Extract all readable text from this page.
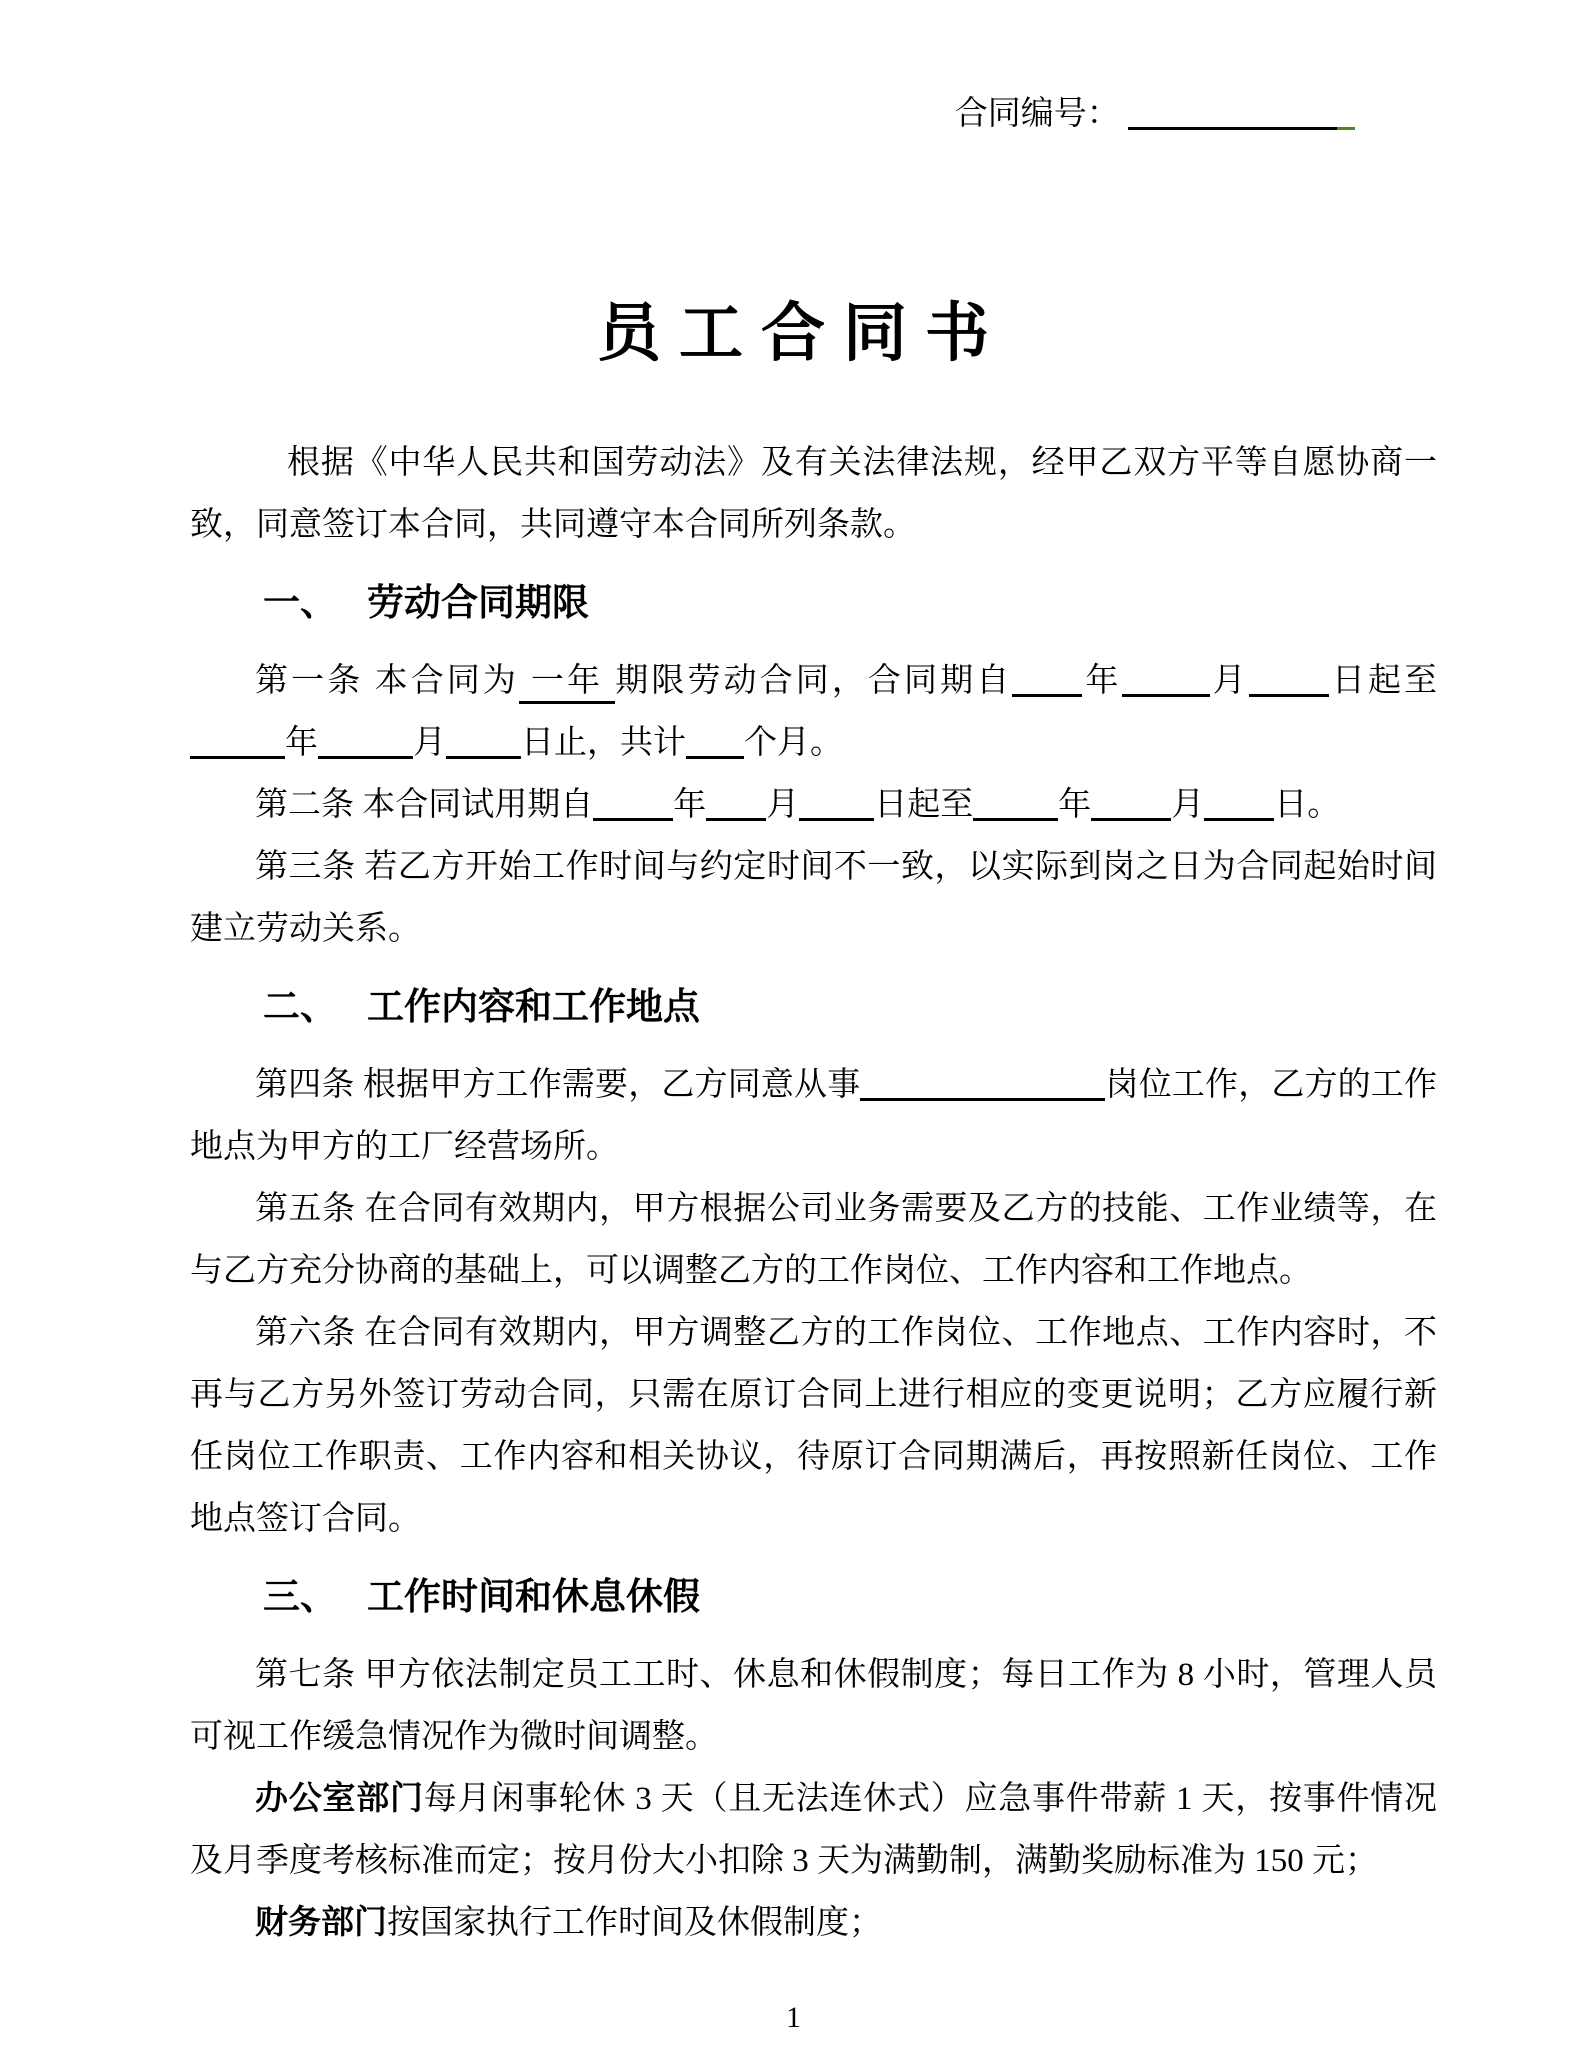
合同编号：
员 工 合 同 书

根据《中华人民共和国劳动法》及有关法律法规，经甲乙双方平等自愿协商一致，同意签订本合同，共同遵守本合同所列条款。

一、 劳动合同期限

第一条 本合同为 一年 期限劳动合同，合同期自 年	月 日起至年	月 日止，共计 个月。

第二条 本合同试用期自 年 月 日起至	年 月 日。

第三条 若乙方开始工作时间与约定时间不一致，以实际到岗之日为合同起始时间建立劳动关系。

二、 工作内容和工作地点

第四条 根据甲方工作需要，乙方同意从事	岗位工作，乙方的工作地点为甲方的工厂经营场所。

第五条 在合同有效期内，甲方根据公司业务需要及乙方的技能、工作业绩等，在与乙方充分协商的基础上，可以调整乙方的工作岗位、工作内容和工作地点。

第六条 在合同有效期内，甲方调整乙方的工作岗位、工作地点、工作内容时，不再与乙方另外签订劳动合同，只需在原订合同上进行相应的变更说明；乙方应履行新任岗位工作职责、工作内容和相关协议，待原订合同期满后，再按照新任岗位、工作地点签订合同。

三、 工作时间和休息休假

第七条 甲方依法制定员工工时、休息和休假制度；每日工作为 8 小时，管理人员可视工作缓急情况作为微时间调整。

办公室部门每月闲事轮休 3 天（且无法连休式）应急事件带薪 1 天，按事件情况及月季度考核标准而定；按月份大小扣除 3 天为满勤制，满勤奖励标准为 150 元；

财务部门按国家执行工作时间及休假制度；

1
